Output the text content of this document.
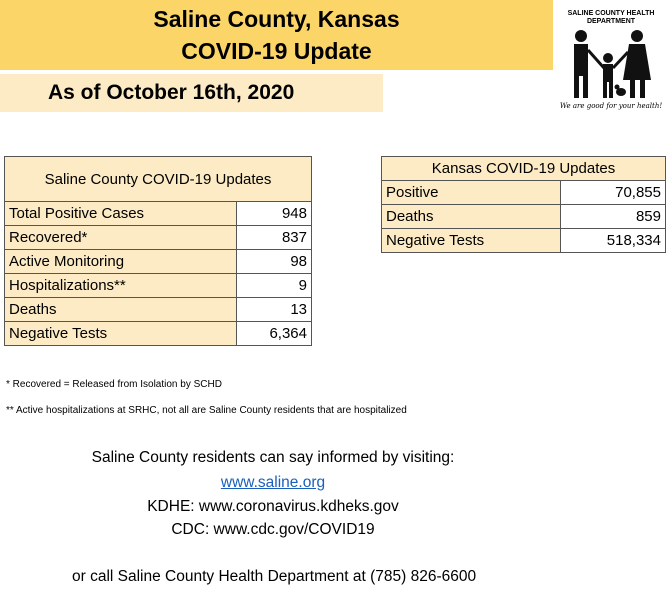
Saline County, Kansas
COVID-19 Update
As of October 16th, 2020
SALINE COUNTY HEALTH DEPARTMENT
We are good for your health!
Saline County COVID-19 Updates	
Total Positive Cases	948
Recovered*	837
Active Monitoring	98
Hospitalizations**	9
Deaths	13
Negative Tests	6,364
Kansas COVID-19 Updates	
Positive	70,855
Deaths	859
Negative Tests	518,334
* Recovered = Released from Isolation by SCHD
** Active hospitalizations at SRHC, not all are Saline County residents that are hospitalized
Saline County residents can say informed by visiting:
www.saline.org
KDHE: www.coronavirus.kdheks.gov
CDC: www.cdc.gov/COVID19
or call Saline County Health Department at (785) 826-6600
